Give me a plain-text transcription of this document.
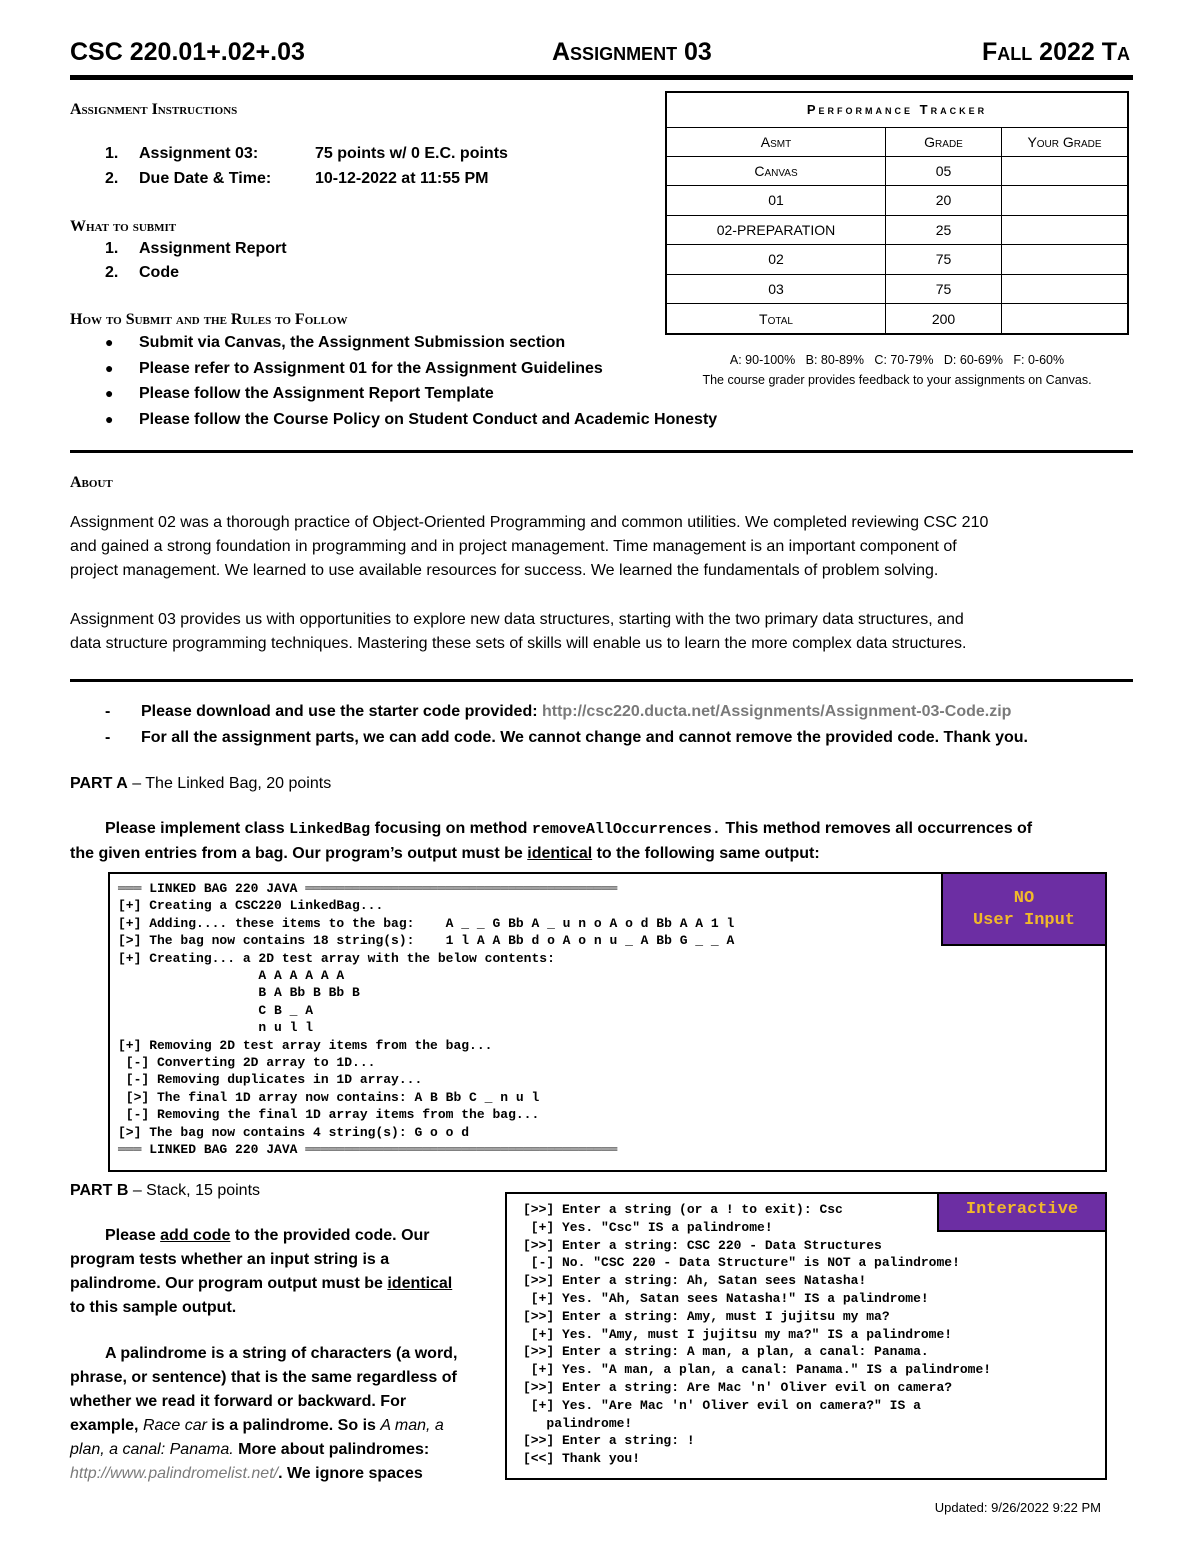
CSC 220.01+.02+.03	Assignment 03	Fall 2022 Ta
Assignment Instructions
1. Assignment 03:	75 points w/ 0 E.C. points
2. Due Date & Time:	10-12-2022 at 11:55 PM
What to submit
1. Assignment Report
2. Code
How to Submit and the Rules to Follow
● Submit via Canvas, the Assignment Submission section
● Please refer to Assignment 01 for the Assignment Guidelines
● Please follow the Assignment Report Template
● Please follow the Course Policy on Student Conduct and Academic Honesty
Performance Tracker		
Asmt	Grade	Your Grade
Canvas	05	
01	20	
02-PREPARATION	25	
02	75	
03	75	
Total	200	
A: 90-100%   B: 80-89%   C: 70-79%   D: 60-69%   F: 0-60%
The course grader provides feedback to your assignments on Canvas.
About
Assignment 02 was a thorough practice of Object-Oriented Programming and common utilities. We completed reviewing CSC 210
and gained a strong foundation in programming and in project management. Time management is an important component of
project management. We learned to use available resources for success. We learned the fundamentals of problem solving.
Assignment 03 provides us with opportunities to explore new data structures, starting with the two primary data structures, and
data structure programming techniques. Mastering these sets of skills will enable us to learn the more complex data structures.
- Please download and use the starter code provided: http://csc220.ducta.net/Assignments/Assignment-03-Code.zip
- For all the assignment parts, we can add code. We cannot change and cannot remove the provided code. Thank you.
PART A – The Linked Bag, 20 points
Please implement class LinkedBag focusing on method removeAllOccurrences. This method removes all occurrences of
the given entries from a bag. Our program’s output must be identical to the following same output:
═══ LINKED BAG 220 JAVA ════════════════════════════════════════
[+] Creating a CSC220 LinkedBag...
[+] Adding.... these items to the bag:    A _ _ G Bb A _ u n o A o d Bb A A 1 l
[>] The bag now contains 18 string(s):    1 l A A Bb d o A o n u _ A Bb G _ _ A
[+] Creating... a 2D test array with the below contents:
A A A A A A
B A Bb B Bb B
C B _ A
n u l l
[+] Removing 2D test array items from the bag...
[-] Converting 2D array to 1D...
[-] Removing duplicates in 1D array...
[>] The final 1D array now contains: A B Bb C _ n u l
[-] Removing the final 1D array items from the bag...
[>] The bag now contains 4 string(s): G o o d
═══ LINKED BAG 220 JAVA ════════════════════════════════════════
NO
User Input
PART B – Stack, 15 points
Please add code to the provided code. Our
program tests whether an input string is a
palindrome. Our program output must be identical
to this sample output.
A palindrome is a string of characters (a word,
phrase, or sentence) that is the same regardless of
whether we read it forward or backward. For
example, Race car is a palindrome. So is A man, a
plan, a canal: Panama. More about palindromes:
http://www.palindromelist.net/. We ignore spaces
[>>] Enter a string (or a ! to exit): Csc
[+] Yes. "Csc" IS a palindrome!
[>>] Enter a string: CSC 220 - Data Structures
[-] No. "CSC 220 - Data Structure" is NOT a palindrome!
[>>] Enter a string: Ah, Satan sees Natasha!
[+] Yes. "Ah, Satan sees Natasha!" IS a palindrome!
[>>] Enter a string: Amy, must I jujitsu my ma?
[+] Yes. "Amy, must I jujitsu my ma?" IS a palindrome!
[>>] Enter a string: A man, a plan, a canal: Panama.
[+] Yes. "A man, a plan, a canal: Panama." IS a palindrome!
[>>] Enter a string: Are Mac 'n' Oliver evil on camera?
[+] Yes. "Are Mac 'n' Oliver evil on camera?" IS a
palindrome!
[>>] Enter a string: !
[<<] Thank you!
Interactive
Updated: 9/26/2022 9:22 PM
